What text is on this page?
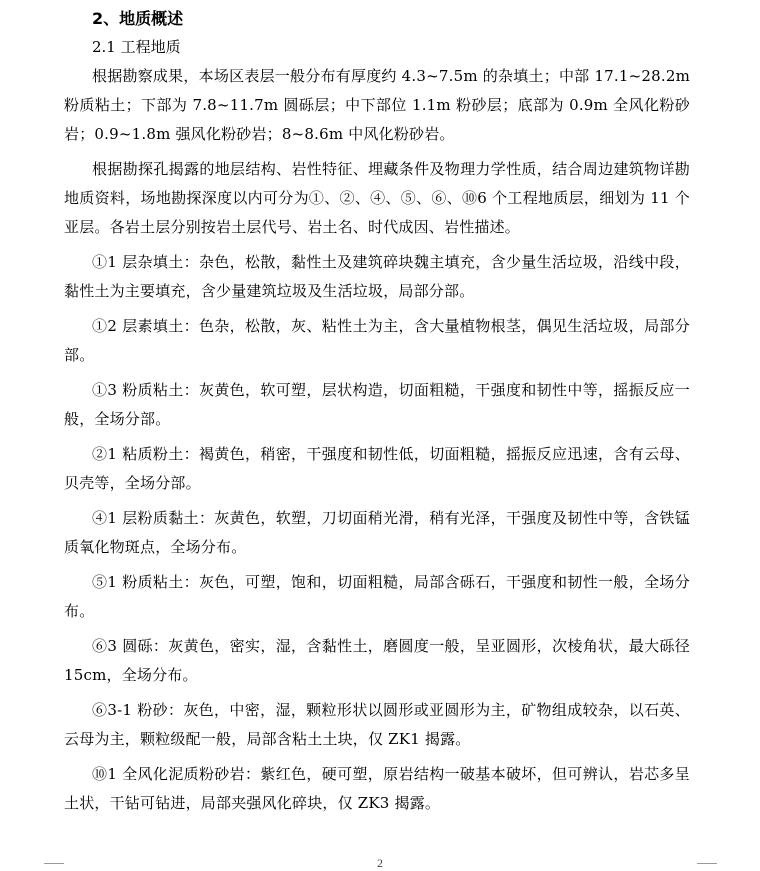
2、地质概述
2.1 工程地质

根据勘察成果，本场区表层一般分布有厚度约 4.3~7.5m 的杂填土；中部 17.1~28.2m 粉质粘土；下部为 7.8~11.7m 圆砾层；中下部位 1.1m 粉砂层；底部为 0.9m 全风化粉砂岩；0.9~1.8m 强风化粉砂岩；8~8.6m 中风化粉砂岩。

根据勘探孔揭露的地层结构、岩性特征、埋藏条件及物理力学性质，结合周边建筑物详勘地质资料，场地勘探深度以内可分为①、②、④、⑤、⑥、⑩6 个工程地质层，细划为 11 个亚层。各岩土层分别按岩土层代号、岩土名、时代成因、岩性描述。

①1 层杂填土：杂色，松散，黏性土及建筑碎块魏主填充，含少量生活垃圾，沿线中段，黏性土为主要填充，含少量建筑垃圾及生活垃圾，局部分部。

①2 层素填土：色杂，松散，灰、粘性土为主，含大量植物根茎，偶见生活垃圾，局部分部。

①3 粉质粘土：灰黄色，软可塑，层状构造，切面粗糙，干强度和韧性中等，摇振反应一般，全场分部。

②1 粘质粉土：褐黄色，稍密，干强度和韧性低，切面粗糙，摇振反应迅速，含有云母、贝壳等，全场分部。

④1 层粉质黏土：灰黄色，软塑，刀切面稍光滑，稍有光泽，干强度及韧性中等，含铁锰质氧化物斑点，全场分布。

⑤1 粉质粘土：灰色，可塑，饱和，切面粗糙，局部含砾石，干强度和韧性一般，全场分布。

⑥3 圆砾：灰黄色，密实，湿，含黏性土，磨圆度一般，呈亚圆形，次棱角状，最大砾径 15cm，全场分布。

⑥3-1 粉砂：灰色，中密，湿，颗粒形状以圆形或亚圆形为主，矿物组成较杂，以石英、云母为主，颗粒级配一般，局部含粘土土块，仅 ZK1 揭露。

⑩1 全风化泥质粉砂岩：紫红色，硬可塑，原岩结构一破基本破坏，但可辨认，岩芯多呈土状，干钻可钻进，局部夹强风化碎块，仅 ZK3 揭露。

2
